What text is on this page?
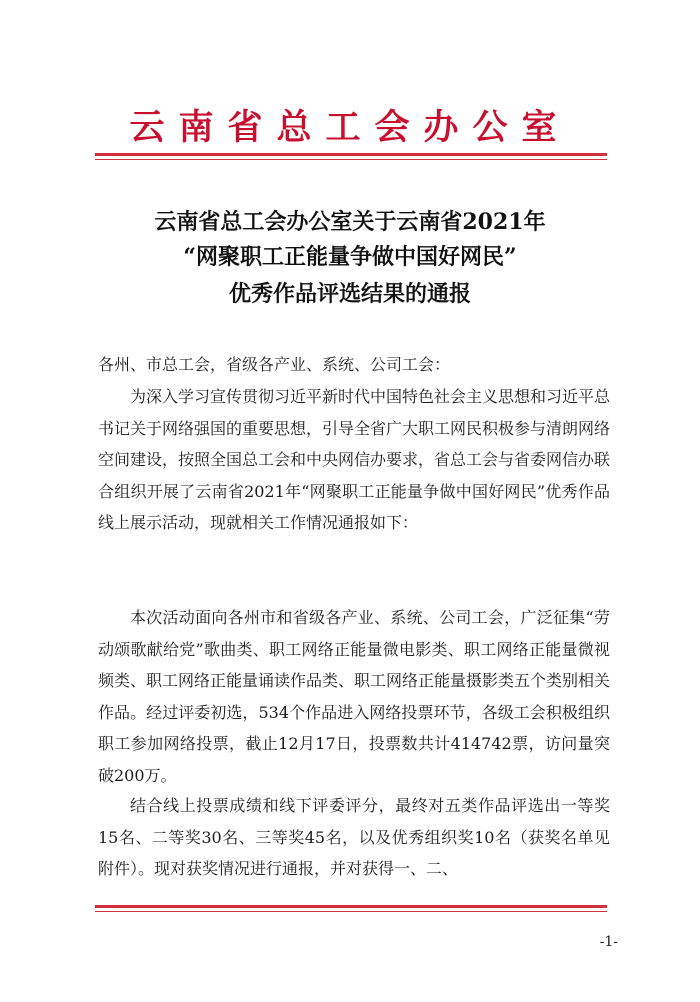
云南省总工会办公室
云南省总工会办公室关于云南省2021年
“网聚职工正能量争做中国好网民”
优秀作品评选结果的通报
各州、市总工会，省级各产业、系统、公司工会：
为深入学习宣传贯彻习近平新时代中国特色社会主义思想和习近平总书记关于网络强国的重要思想，引导全省广大职工网民积极参与清朗网络空间建设，按照全国总工会和中央网信办要求，省总工会与省委网信办联合组织开展了云南省2021年“网聚职工正能量争做中国好网民”优秀作品线上展示活动，现就相关工作情况通报如下：
本次活动面向各州市和省级各产业、系统、公司工会，广泛征集“劳动颂歌献给党”歌曲类、职工网络正能量微电影类、职工网络正能量微视频类、职工网络正能量诵读作品类、职工网络正能量摄影类五个类别相关作品。经过评委初选，534个作品进入网络投票环节，各级工会积极组织职工参加网络投票，截止12月17日，投票数共计414742票，访问量突破200万。
结合线上投票成绩和线下评委评分，最终对五类作品评选出一等奖15名、二等奖30名、三等奖45名，以及优秀组织奖10名（获奖名单见附件）。现对获奖情况进行通报，并对获得一、二、
-1-
